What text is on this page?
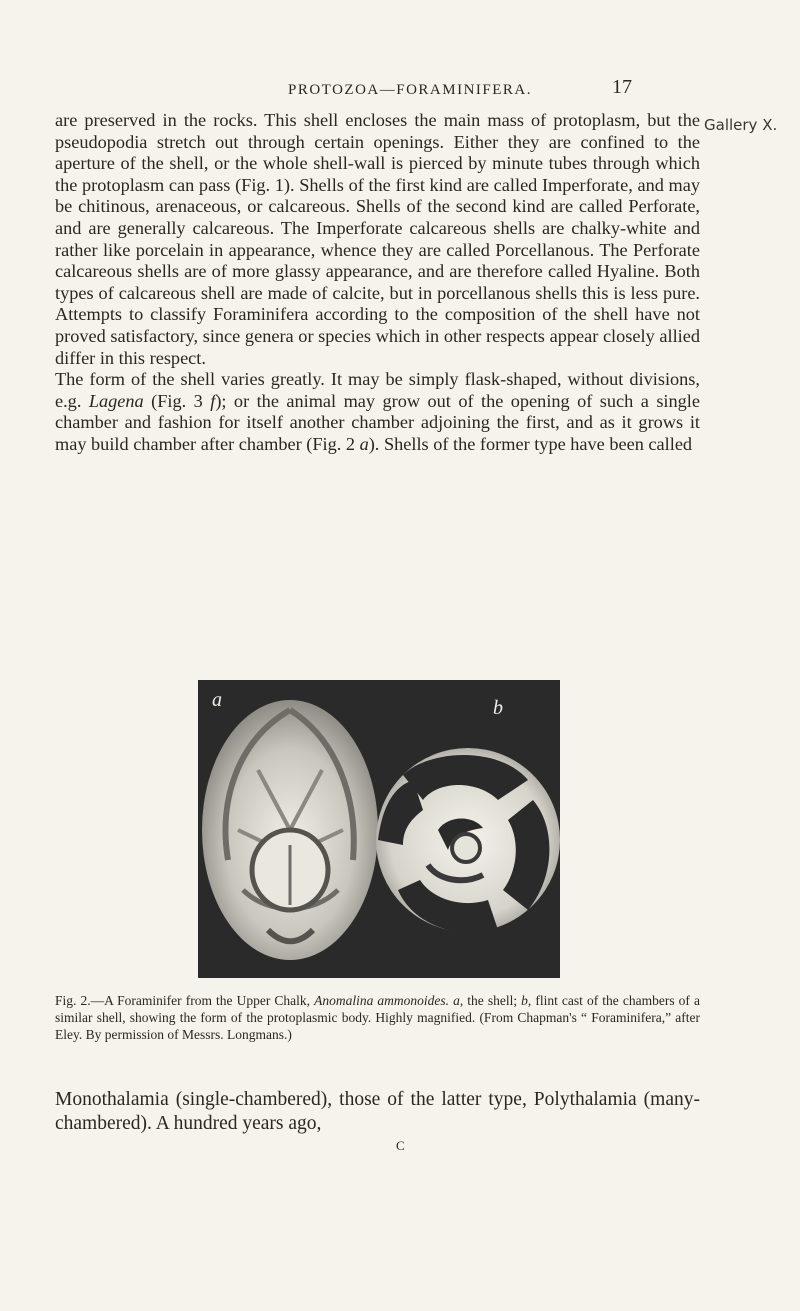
PROTOZOA—FORAMINIFERA.	17
Gallery X.

are preserved in the rocks. This shell encloses the main mass of protoplasm, but the pseudopodia stretch out through certain openings. Either they are confined to the aperture of the shell, or the whole shell-wall is pierced by minute tubes through which the protoplasm can pass (Fig. 1). Shells of the first kind are called Imperforate, and may be chitinous, arenaceous, or calcareous. Shells of the second kind are called Perforate, and are generally calcareous. The Imperforate calcareous shells are chalky-white and rather like porcelain in appearance, whence they are called Porcellanous. The Perforate calcareous shells are of more glassy appearance, and are therefore called Hyaline. Both types of calcareous shell are made of calcite, but in porcellanous shells this is less pure. Attempts to classify Foraminifera according to the composition of the shell have not proved satisfactory, since genera or species which in other respects appear closely allied differ in this respect.

The form of the shell varies greatly. It may be simply flask-shaped, without divisions, e.g. Lagena (Fig. 3 f); or the animal may grow out of the opening of such a single chamber and fashion for itself another chamber adjoining the first, and as it grows it may build chamber after chamber (Fig. 2 a). Shells of the former type have been called

a	b
Fig. 2.—A Foraminifer from the Upper Chalk, Anomalina ammonoides. a, the shell; b, flint cast of the chambers of a similar shell, showing the form of the protoplasmic body. Highly magnified. (From Chapman's “ Foraminifera,” after Eley. By permission of Messrs. Longmans.)
Monothalamia (single-chambered), those of the latter type, Polythalamia (many-chambered). A hundred years ago,
C
